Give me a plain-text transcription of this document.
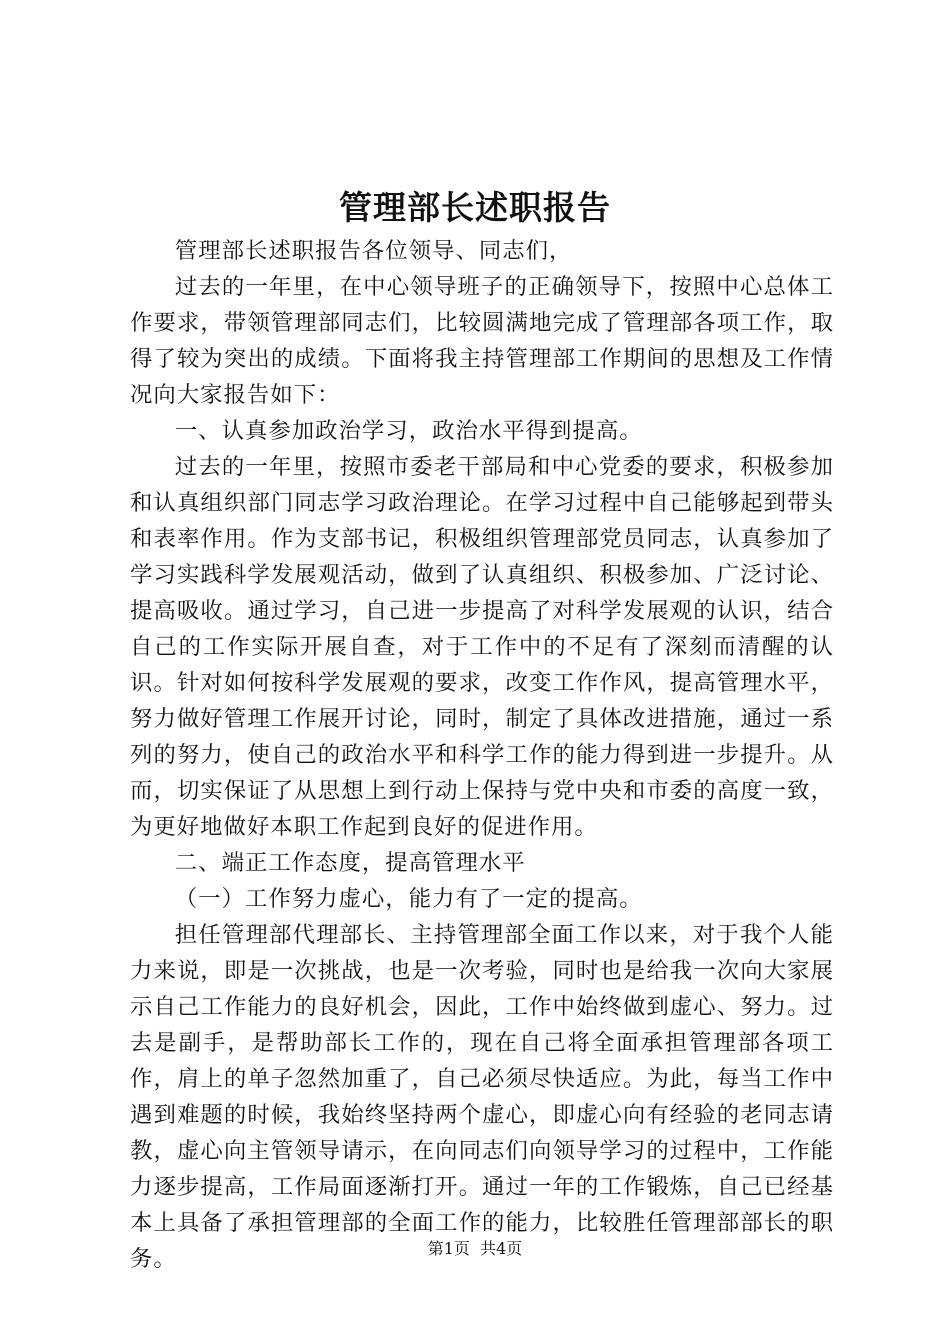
管理部长述职报告

管理部长述职报告各位领导、同志们，

过去的一年里，在中心领导班子的正确领导下，按照中心总体工作要求，带领管理部同志们，比较圆满地完成了管理部各项工作，取得了较为突出的成绩。下面将我主持管理部工作期间的思想及工作情况向大家报告如下：

一、认真参加政治学习，政治水平得到提高。

过去的一年里，按照市委老干部局和中心党委的要求，积极参加和认真组织部门同志学习政治理论。在学习过程中自己能够起到带头和表率作用。作为支部书记，积极组织管理部党员同志，认真参加了学习实践科学发展观活动，做到了认真组织、积极参加、广泛讨论、提高吸收。通过学习，自己进一步提高了对科学发展观的认识，结合自己的工作实际开展自查，对于工作中的不足有了深刻而清醒的认识。针对如何按科学发展观的要求，改变工作作风，提高管理水平，努力做好管理工作展开讨论，同时，制定了具体改进措施，通过一系列的努力，使自己的政治水平和科学工作的能力得到进一步提升。从而，切实保证了从思想上到行动上保持与党中央和市委的高度一致，为更好地做好本职工作起到良好的促进作用。

二、端正工作态度，提高管理水平

（一）工作努力虚心，能力有了一定的提高。

担任管理部代理部长、主持管理部全面工作以来，对于我个人能力来说，即是一次挑战，也是一次考验，同时也是给我一次向大家展示自己工作能力的良好机会，因此，工作中始终做到虚心、努力。过去是副手，是帮助部长工作的，现在自己将全面承担管理部各项工作，肩上的单子忽然加重了，自己必须尽快适应。为此，每当工作中遇到难题的时候，我始终坚持两个虚心，即虚心向有经验的老同志请教，虚心向主管领导请示，在向同志们向领导学习的过程中，工作能力逐步提高，工作局面逐渐打开。通过一年的工作锻炼，自己已经基本上具备了承担管理部的全面工作的能力，比较胜任管理部部长的职务。	第1页 共4页
